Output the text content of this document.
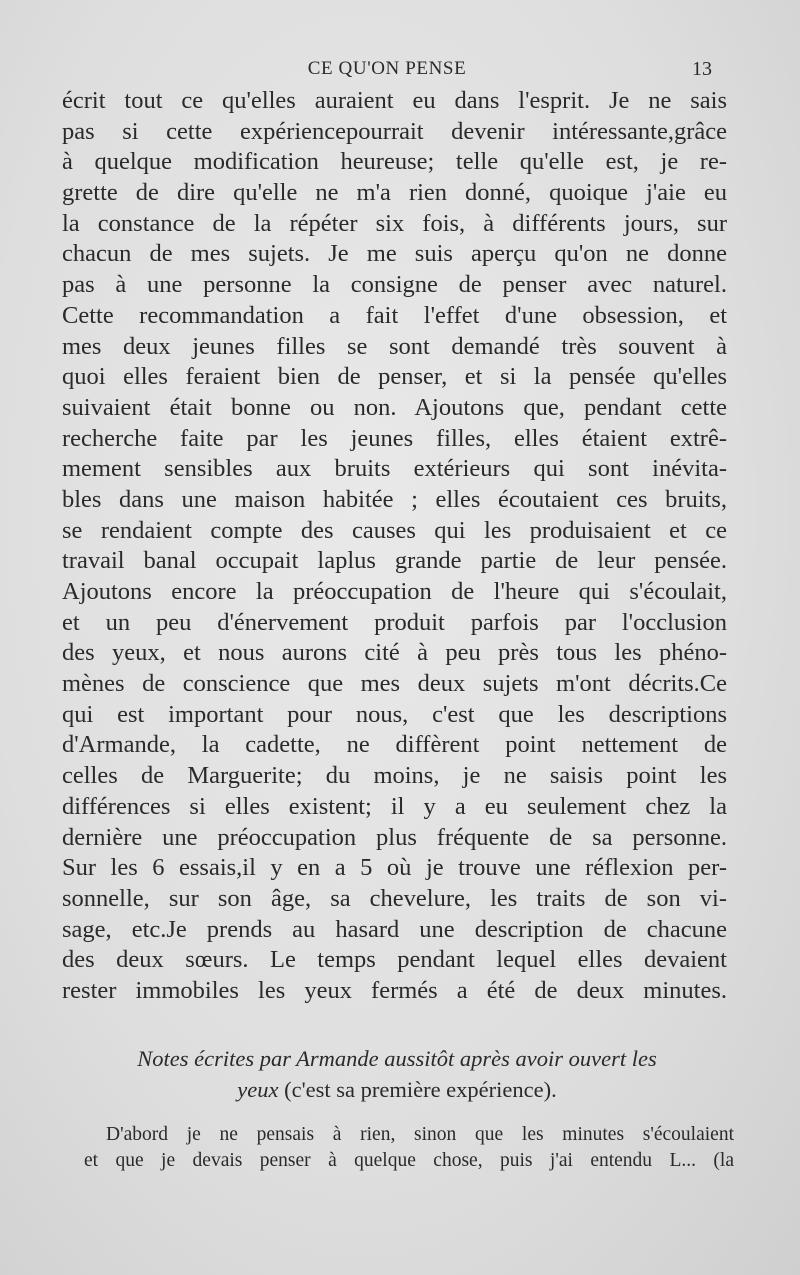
CE QU'ON PENSE	13
écrit tout ce qu'elles auraient eu dans l'esprit. Je ne sais
pas si cette expériencepourrait devenir intéressante,grâce
à quelque modification heureuse; telle qu'elle est, je re-
grette de dire qu'elle ne m'a rien donné, quoique j'aie eu
la constance de la répéter six fois, à différents jours, sur
chacun de mes sujets. Je me suis aperçu qu'on ne donne
pas à une personne la consigne de penser avec naturel.
Cette recommandation a fait l'effet d'une obsession, et
mes deux jeunes filles se sont demandé très souvent à
quoi elles feraient bien de penser, et si la pensée qu'elles
suivaient était bonne ou non. Ajoutons que, pendant cette
recherche faite par les jeunes filles, elles étaient extrê-
mement sensibles aux bruits extérieurs qui sont inévita-
bles dans une maison habitée ; elles écoutaient ces bruits,
se rendaient compte des causes qui les produisaient et ce
travail banal occupait laplus grande partie de leur pensée.
Ajoutons encore la préoccupation de l'heure qui s'écoulait,
et un peu d'énervement produit parfois par l'occlusion
des yeux, et nous aurons cité à peu près tous les phéno-
mènes de conscience que mes deux sujets m'ont décrits.Ce
qui est important pour nous, c'est que les descriptions
d'Armande, la cadette, ne diffèrent point nettement de
celles de Marguerite; du moins, je ne saisis point les
différences si elles existent; il y a eu seulement chez la
dernière une préoccupation plus fréquente de sa personne.
Sur les 6 essais,il y en a 5 où je trouve une réflexion per-
sonnelle, sur son âge, sa chevelure, les traits de son vi-
sage, etc.Je prends au hasard une description de chacune
des deux sœurs. Le temps pendant lequel elles devaient
rester immobiles les yeux fermés a été de deux minutes.
Notes écrites par Armande aussitôt après avoir ouvert les
yeux (c'est sa première expérience).
D'abord je ne pensais à rien, sinon que les minutes s'écoulaient
et que je devais penser à quelque chose, puis j'ai entendu L... (la
